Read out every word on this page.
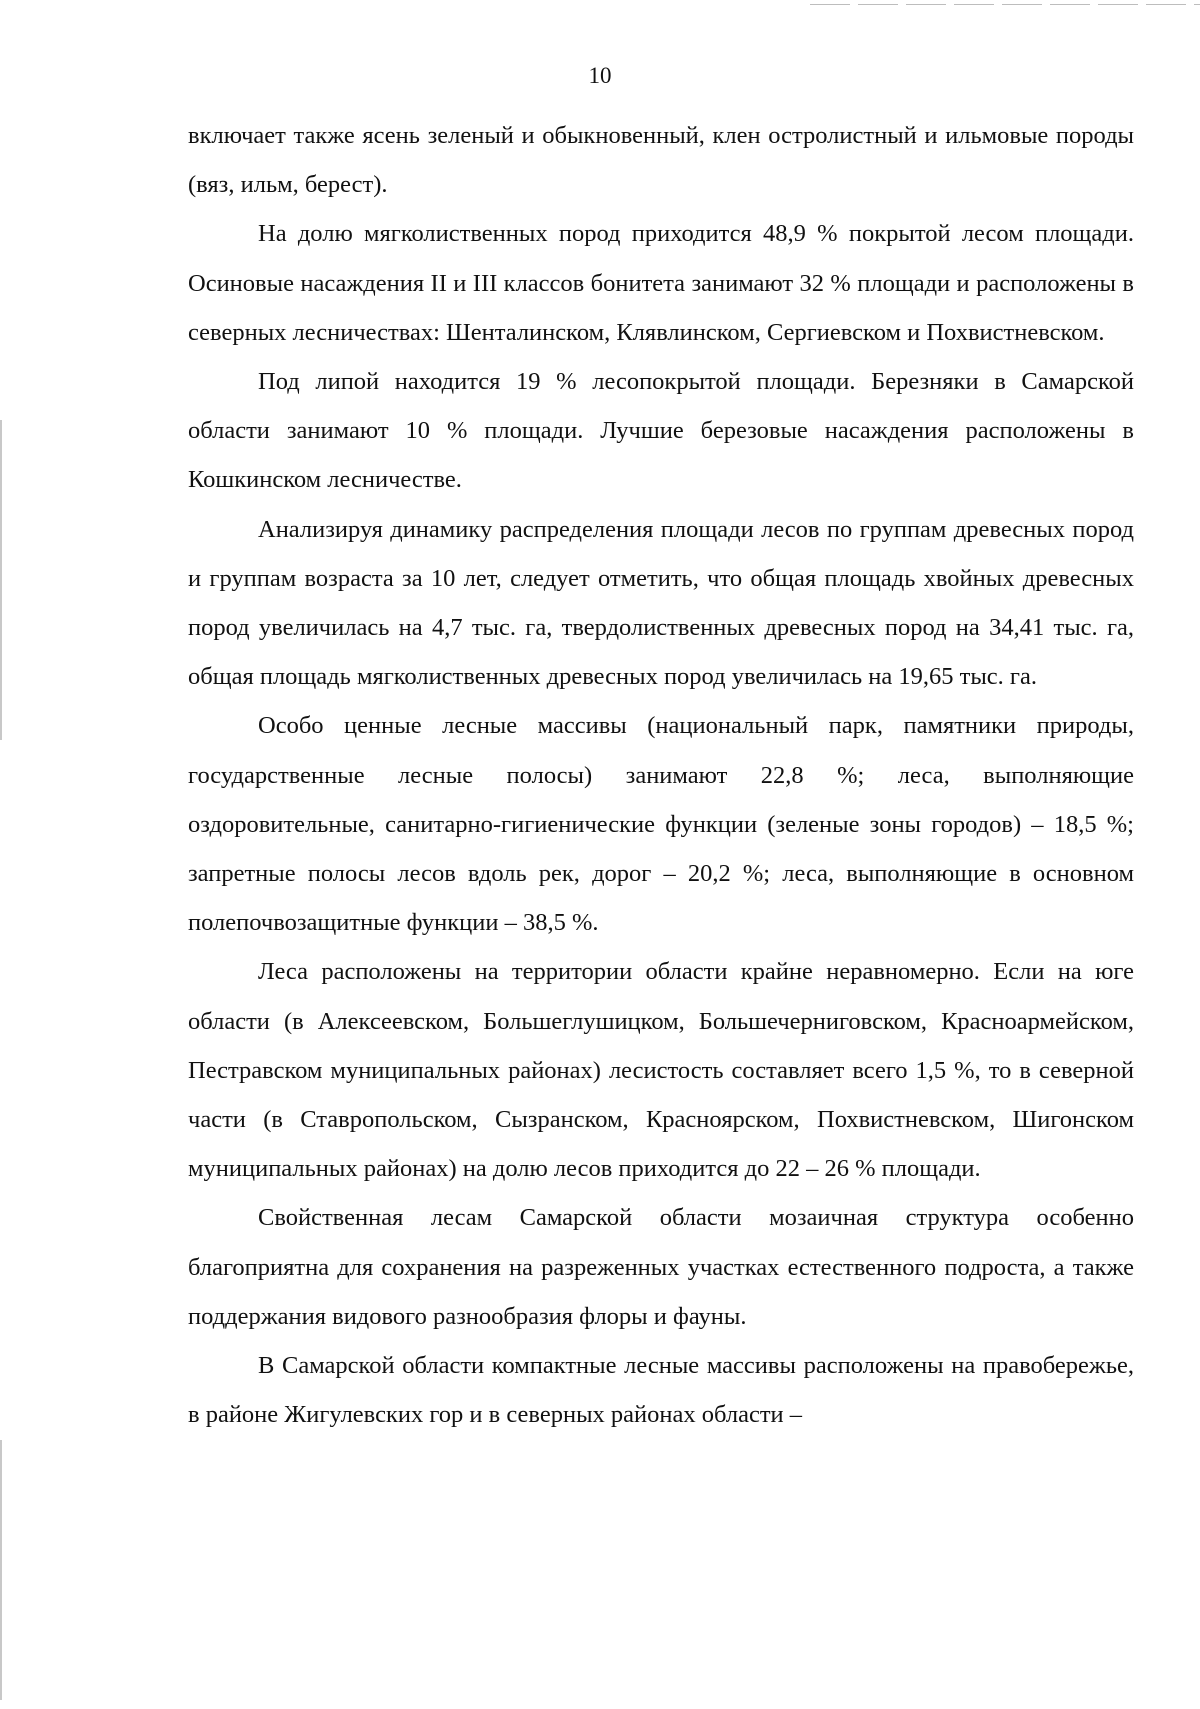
10

включает также ясень зеленый и обыкновенный, клен остролистный и ильмовые породы (вяз, ильм, берест).

На долю мягколиственных пород приходится 48,9 % покрытой лесом площади. Осиновые насаждения II и III классов бонитета занимают 32 % площади и расположены в северных лесничествах: Шенталинском, Клявлинском, Сергиевском и Похвистневском.

Под липой находится 19 % лесопокрытой площади. Березняки в Самарской области занимают 10 % площади. Лучшие березовые насаждения расположены в Кошкинском лесничестве.

Анализируя динамику распределения площади лесов по группам древесных пород и группам возраста за 10 лет, следует отметить, что общая площадь хвойных древесных пород увеличилась на 4,7 тыс. га, твердолиственных древесных пород на 34,41 тыс. га, общая площадь мягколиственных древесных пород увеличилась на 19,65 тыс. га.

Особо ценные лесные массивы (национальный парк, памятники природы, государственные лесные полосы) занимают 22,8 %; леса, выполняющие оздоровительные, санитарно-гигиенические функции (зеленые зоны городов) – 18,5 %; запретные полосы лесов вдоль рек, дорог – 20,2 %; леса, выполняющие в основном полепочвозащитные функции – 38,5 %.

Леса расположены на территории области крайне неравномерно. Если на юге области (в Алексеевском, Большеглушицком, Большечерниговском, Красноармейском, Пестравском муниципальных районах) лесистость составляет всего 1,5 %, то в северной части (в Ставропольском, Сызранском, Красноярском, Похвистневском, Шигонском муниципальных районах) на долю лесов приходится до 22 – 26 % площади.

Свойственная лесам Самарской области мозаичная структура особенно благоприятна для сохранения на разреженных участках естественного подроста, а также поддержания видового разнообразия флоры и фауны.

В Самарской области компактные лесные массивы расположены на правобережье, в районе Жигулевских гор и в северных районах области –
